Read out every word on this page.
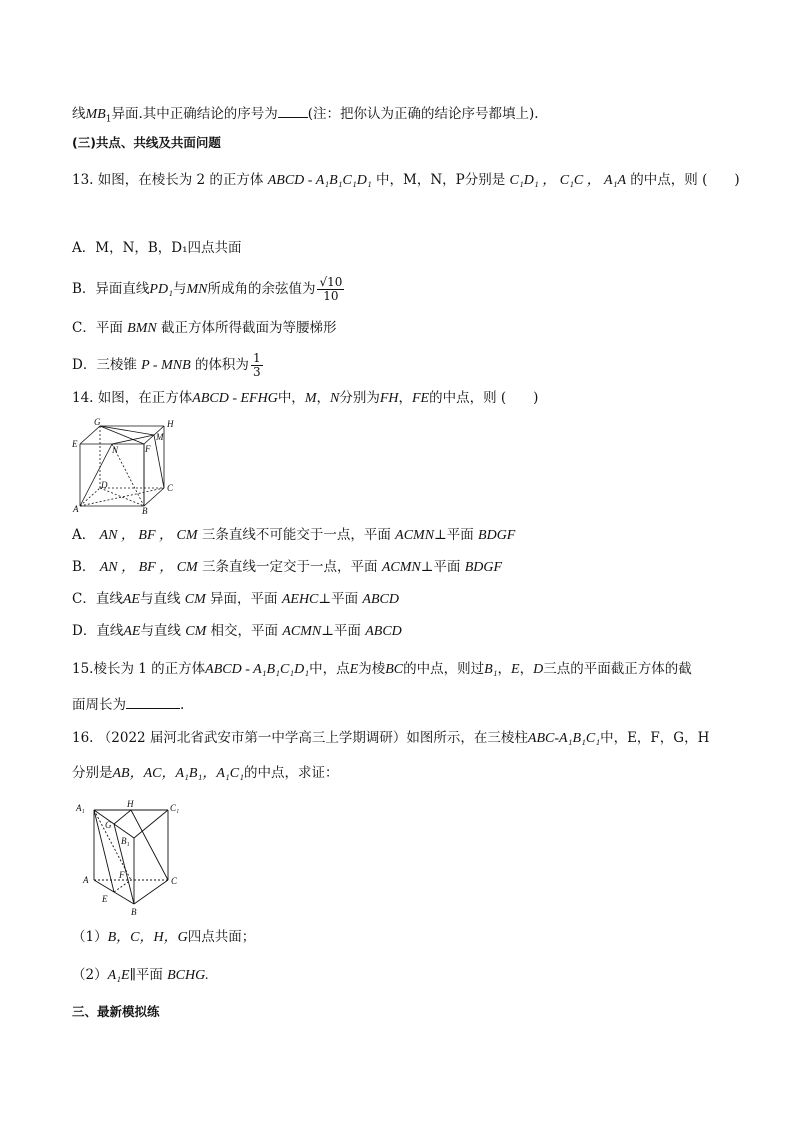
线$MB_1$异面.其中正确结论的序号为 (注：把你认为正确的结论序号都填上).
(三)共点、共线及共面问题
13. 如图，在棱长为 2 的正方体 ABCD - A₁B₁C₁D₁ 中，M，N，P分别是 C₁D₁ ， C₁C ， A₁A 的中点，则 (　　)
A．M，N，B，D₁四点共面
B．异面直线PD₁与MN所成角的余弦值为 $\frac{√10}{10}$
C．平面 BMN 截正方体所得截面为等腰梯形
D．三棱锥 P - MNB 的体积为 $\frac{1}{3}$
14. 如图，在正方体ABCD - EFHG中，M，N分别为FH，FE的中点，则 (　　)
G	H
E
N	F
M
D	C
A	B
A． AN ， BF ， CM 三条直线不可能交于一点，平面 ACMN⊥平面 BDGF
B． AN ， BF ， CM 三条直线一定交于一点，平面 ACMN⊥平面 BDGF
C．直线AE与直线 CM 异面，平面 AEHC⊥平面 ABCD
D．直线AE与直线 CM 相交，平面 ACMN⊥平面 ABCD
15.棱长为 1 的正方体ABCD - A₁B₁C₁D₁中，点E为棱BC的中点，则过B₁，E，D三点的平面截正方体的截
面周长为	.
16. （2022 届河北省武安市第一中学高三上学期调研）如图所示，在三棱柱ABC-A₁B₁C₁中，E，F，G，H
分别是AB，AC，A₁B₁，A₁C₁的中点，求证：
A₁	H	C₁
G
B₁
A	F
C
E
B
（1）B，C，H，G四点共面；
（2）A₁E∥平面 BCHG.
三、最新模拟练
